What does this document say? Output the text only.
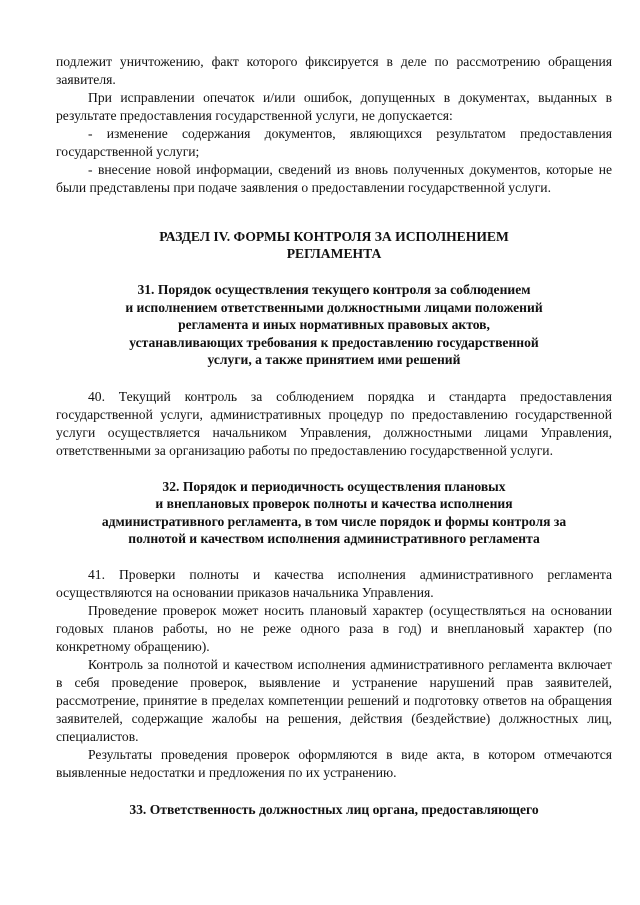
подлежит уничтожению, факт которого фиксируется в деле по рассмотрению обращения заявителя.

При исправлении опечаток и/или ошибок, допущенных в документах, выданных в результате предоставления государственной услуги, не допускается:

- изменение содержания документов, являющихся результатом предоставления государственной услуги;

- внесение новой информации, сведений из вновь полученных документов, которые не были представлены при подаче заявления о предоставлении государственной услуги.

РАЗДЕЛ IV. ФОРМЫ КОНТРОЛЯ ЗА ИСПОЛНЕНИЕМ
РЕГЛАМЕНТА
31. Порядок осуществления текущего контроля за соблюдением
и исполнением ответственными должностными лицами положений
регламента и иных нормативных правовых актов,
устанавливающих требования к предоставлению государственной
услуги, а также принятием ими решений

40. Текущий контроль за соблюдением порядка и стандарта предоставления государственной услуги, административных процедур по предоставлению государственной услуги осуществляется начальником Управления, должностными лицами Управления, ответственными за организацию работы по предоставлению государственной услуги.

32. Порядок и периодичность осуществления плановых
и внеплановых проверок полноты и качества исполнения
административного регламента, в том числе порядок и формы контроля за
полнотой и качеством исполнения административного регламента

41. Проверки полноты и качества исполнения административного регламента осуществляются на основании приказов начальника Управления.

Проведение проверок может носить плановый характер (осуществляться на основании годовых планов работы, но не реже одного раза в год) и внеплановый характер (по конкретному обращению).

Контроль за полнотой и качеством исполнения административного регламента включает в себя проведение проверок, выявление и устранение нарушений прав заявителей, рассмотрение, принятие в пределах компетенции решений и подготовку ответов на обращения заявителей, содержащие жалобы на решения, действия (бездействие) должностных лиц, специалистов.

Результаты проведения проверок оформляются в виде акта, в котором отмечаются выявленные недостатки и предложения по их устранению.

33. Ответственность должностных лиц органа, предоставляющего
